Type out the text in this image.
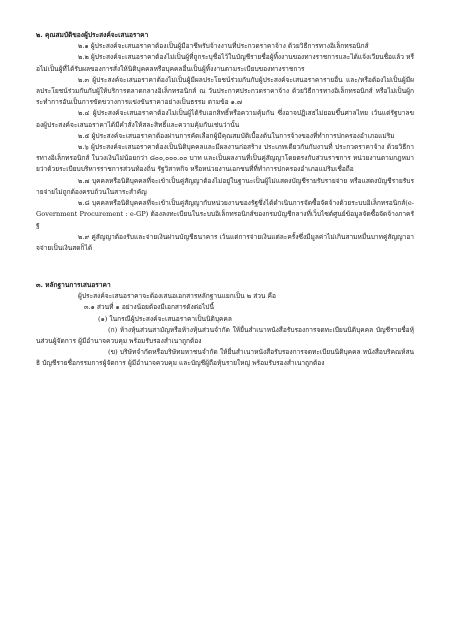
๒. คุณสมบัติของผู้ประสงค์จะเสนอราคา

๒.๑ ผู้ประสงค์จะเสนอราคาต้องเป็นผู้มีอาชีพรับจ้างงานที่ประกวดราคาจ้าง ด้วยวิธีการทางอิเล็กทรอนิกส์

๒.๒ ผู้ประสงค์จะเสนอราคาต้องไม่เป็นผู้ที่ถูกระบุชื่อไว้ในบัญชีรายชื่อผู้ทิ้งงานของทางราชการและได้แจ้งเวียนชื่อแล้ว หรือไม่เป็นผู้ที่ได้รับผลของการสั่งให้นิติบุคคลหรือบุคคลอื่นเป็นผู้ทิ้งงานตามระเบียบของทางราชการ

๒.๓ ผู้ประสงค์จะเสนอราคาต้องไม่เป็นผู้มีผลประโยชน์ร่วมกันกับผู้ประสงค์จะเสนอราคารายอื่น และ/หรือต้องไม่เป็นผู้มีผลประโยชน์ร่วมกันกับผู้ให้บริการตลาดกลางอิเล็กทรอนิกส์ ณ วันประกาศประกวดราคาจ้าง ด้วยวิธีการทางอิเล็กทรอนิกส์ หรือไม่เป็นผู้กระทำการอันเป็นการขัดขวางการแข่งขันราคาอย่างเป็นธรรม ตามข้อ ๑.๗

๒.๔ ผู้ประสงค์จะเสนอราคาต้องไม่เป็นผู้ได้รับเอกสิทธิ์หรือความคุ้มกัน ซึ่งอาจปฏิเสธไม่ยอมขึ้นศาลไทย เว้นแต่รัฐบาลของผู้ประสงค์จะเสนอราคาได้มีคำสั่งให้สละสิทธิ์และความคุ้มกันเช่นว่านั้น

๒.๕ ผู้ประสงค์จะเสนอราคาต้องผ่านการคัดเลือกผู้มีคุณสมบัติเบื้องต้นในการจ้างของที่ทำการปกครองอำเภอแม่ริม

๒.๖ ผู้ประสงค์จะเสนอราคาต้องเป็นนิติบุคคลและมีผลงานก่อสร้าง ประเภทเดียวกันกับงานที่ ประกวดราคาจ้าง ด้วยวิธีการทางอิเล็กทรอนิกส์ ในวงเงินไม่น้อยกว่า ๘๐๐,๐๐๐.๐๐ บาท และเป็นผลงานที่เป็นคู่สัญญาโดยตรงกับส่วนราชการ หน่วยงานตามกฎหมายว่าด้วยระเบียบบริหารราชการส่วนท้องถิ่น รัฐวิสาหกิจ หรือหน่วยงานเอกชนที่ที่ทำการปกครองอำเภอแม่ริมเชื่อถือ

๒.๗ บุคคลหรือนิติบุคคลที่จะเข้าเป็นคู่สัญญาต้องไม่อยู่ในฐานะเป็นผู้ไม่แสดงบัญชีรายรับรายจ่าย หรือแสดงบัญชีรายรับรายจ่ายไม่ถูกต้องครบถ้วนในสาระสำคัญ

๒.๘ บุคคลหรือนิติบุคคลที่จะเข้าเป็นคู่สัญญากับหน่วยงานของรัฐซึ่งได้ดำเนินการจัดซื้อจัดจ้างด้วยระบบอิเล็กทรอนิกส์(e-Government Procurement : e-GP) ต้องลงทะเบียนในระบบอิเล็กทรอนิกส์ของกรมบัญชีกลางที่เว็บไซต์ศูนย์ข้อมูลจัดซื้อจัดจ้างภาครัฐ

๒.๙ คู่สัญญาต้องรับและจ่ายเงินผ่านบัญชีธนาคาร เว้นแต่การจ่ายเงินแต่ละครั้งซึ่งมีมูลค่าไม่เกินสามหมื่นบาทคู่สัญญาอาจจ่ายเป็นเงินสดก็ได้

๓. หลักฐานการเสนอราคา

ผู้ประสงค์จะเสนอราคาจะต้องเสนอเอกสารหลักฐานแยกเป็น ๒ ส่วน คือ

๓.๑ ส่วนที่ ๑ อย่างน้อยต้องมีเอกสารดังต่อไปนี้

(๑) ในกรณีผู้ประสงค์จะเสนอราคาเป็นนิติบุคคล

(ก) ห้างหุ้นส่วนสามัญหรือห้างหุ้นส่วนจำกัด ให้ยื่นสำเนาหนังสือรับรองการจดทะเบียนนิติบุคคล บัญชีรายชื่อหุ้นส่วนผู้จัดการ ผู้มีอำนาจควบคุม พร้อมรับรองสำเนาถูกต้อง

(ข) บริษัทจำกัดหรือบริษัทมหาชนจำกัด ให้ยื่นสำเนาหนังสือรับรองการจดทะเบียนนิติบุคคล หนังสือบริคณห์สนธิ บัญชีรายชื่อกรรมการผู้จัดการ ผู้มีอำนาจควบคุม และบัญชีผู้ถือหุ้นรายใหญ่ พร้อมรับรองสำเนาถูกต้อง
